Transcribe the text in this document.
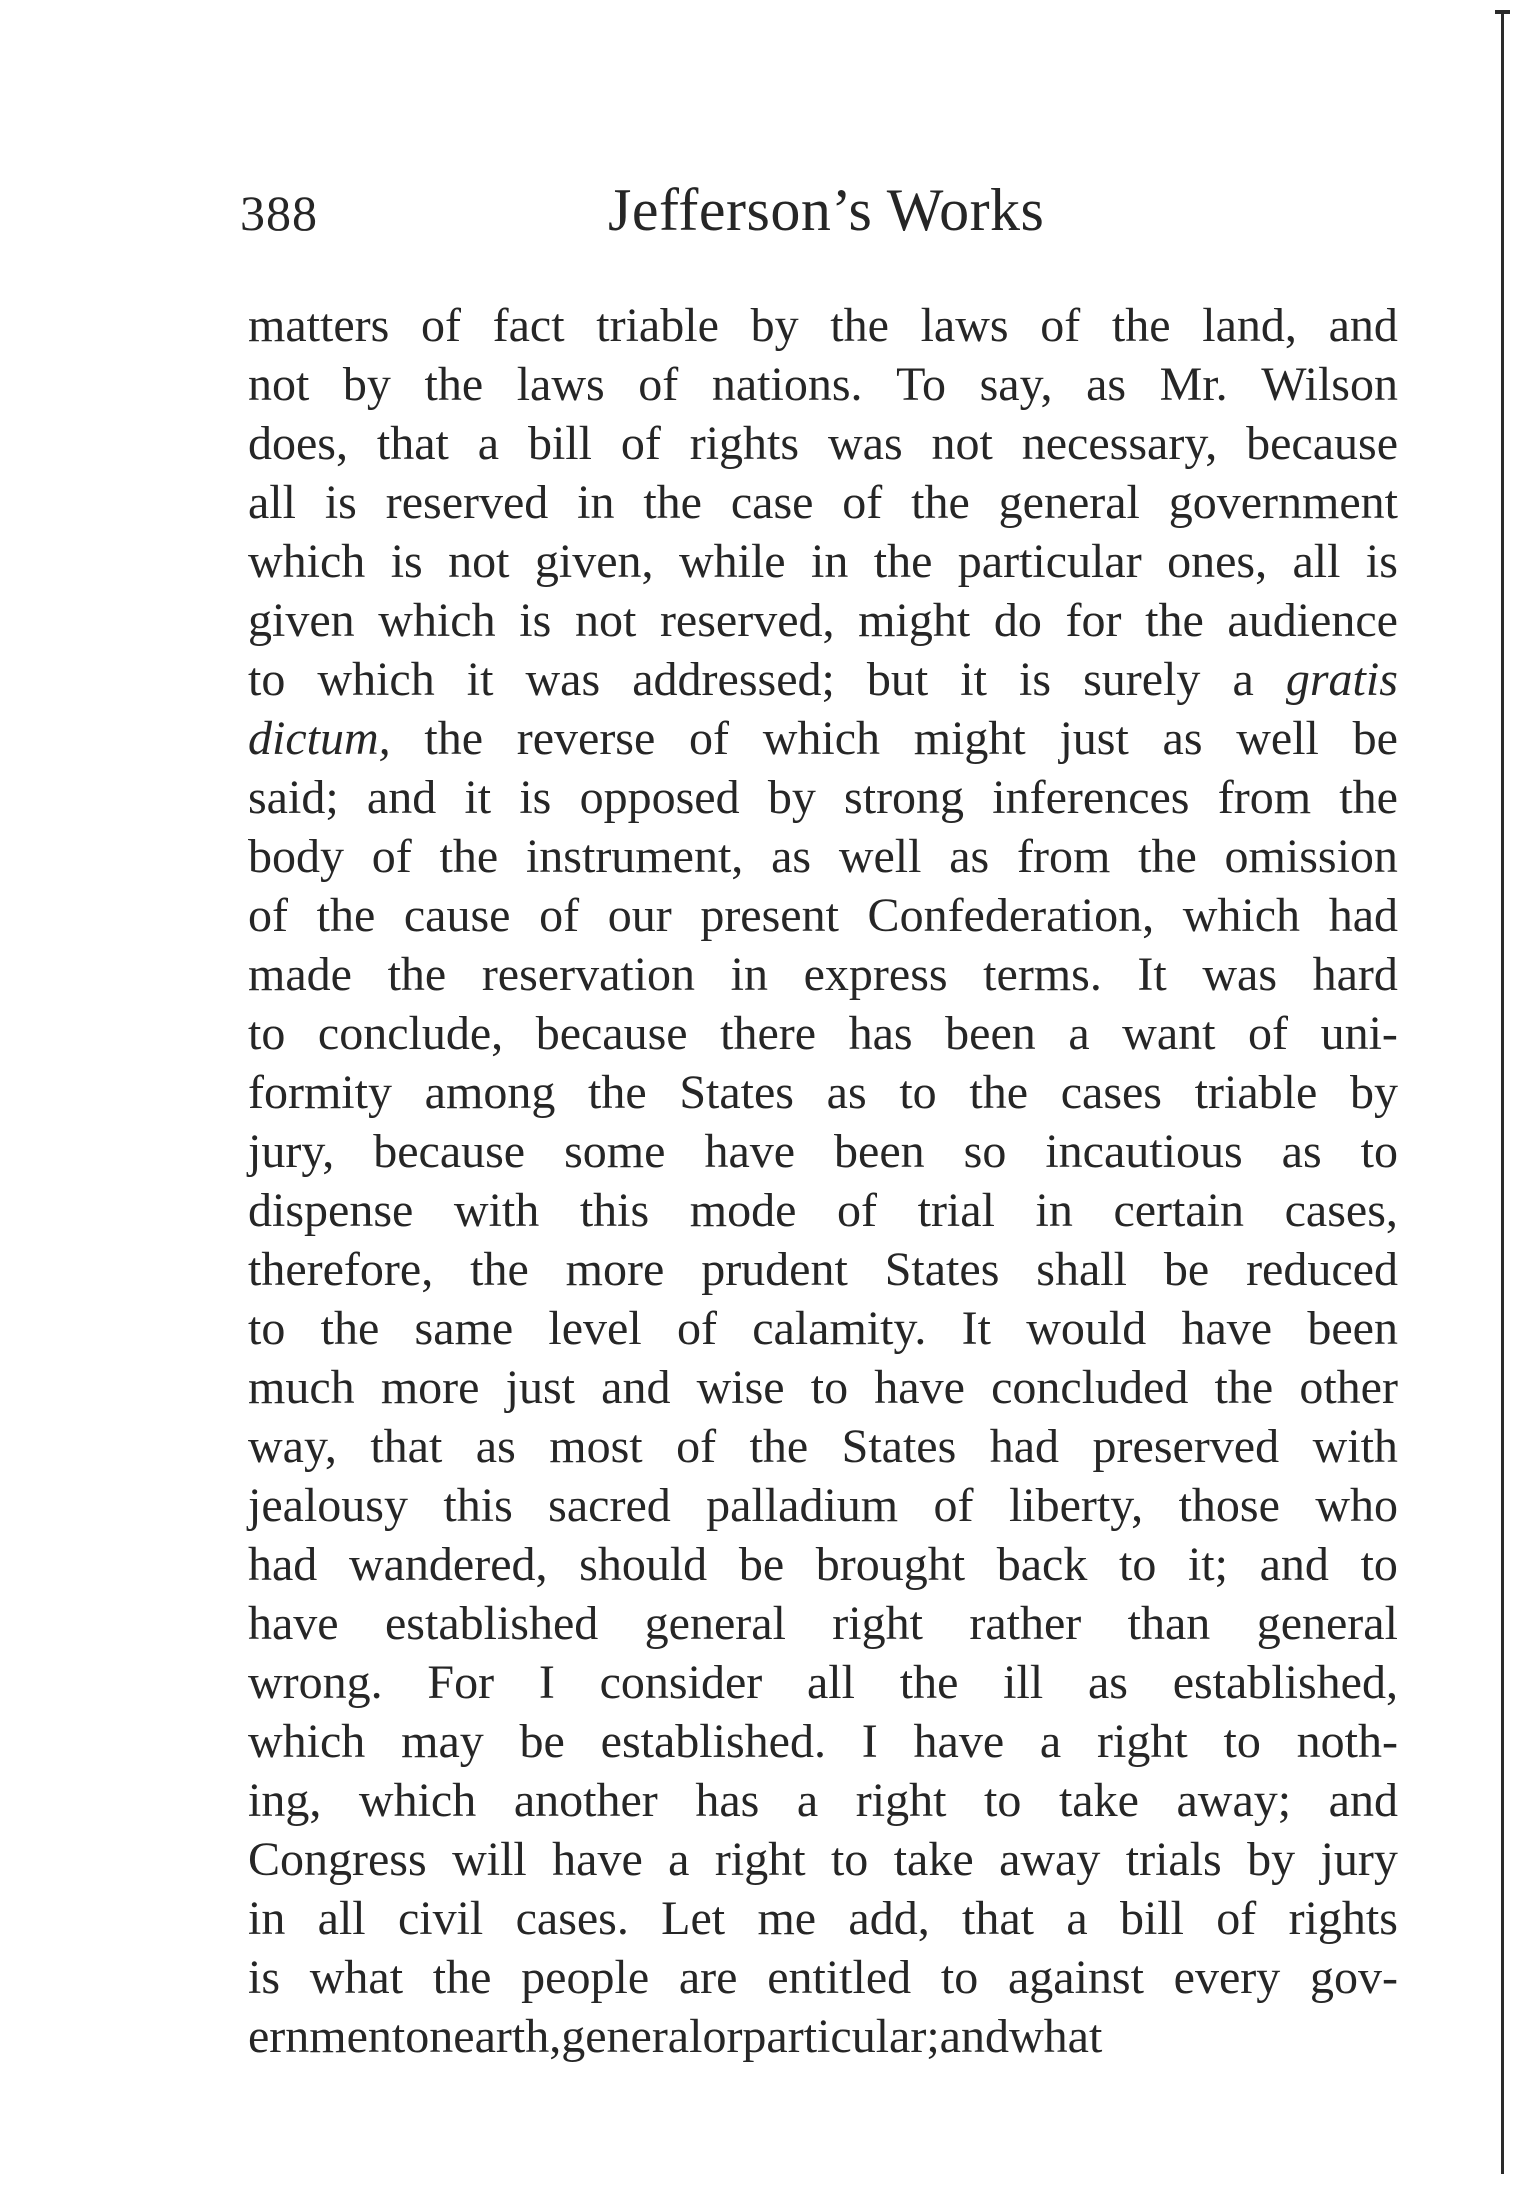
388	Jefferson’s Works
matters of fact triable by the laws of the land, and
not by the laws of nations. To say, as Mr. Wilson
does, that a bill of rights was not necessary, because
all is reserved in the case of the general government
which is not given, while in the particular ones, all is
given which is not reserved, might do for the audience
to which it was addressed; but it is surely a gratis
dictum, the reverse of which might just as well be
said; and it is opposed by strong inferences from the
body of the instrument, as well as from the omission
of the cause of our present Confederation, which had
made the reservation in express terms. It was hard
to conclude, because there has been a want of uni-
formity among the States as to the cases triable by
jury, because some have been so incautious as to
dispense with this mode of trial in certain cases,
therefore, the more prudent States shall be reduced
to the same level of calamity. It would have been
much more just and wise to have concluded the other
way, that as most of the States had preserved with
jealousy this sacred palladium of liberty, those who
had wandered, should be brought back to it; and to
have established general right rather than general
wrong. For I consider all the ill as established,
which may be established. I have a right to noth-
ing, which another has a right to take away; and
Congress will have a right to take away trials by jury
in all civil cases. Let me add, that a bill of rights
is what the people are entitled to against every gov-
ernment on earth, general or particular; and what
